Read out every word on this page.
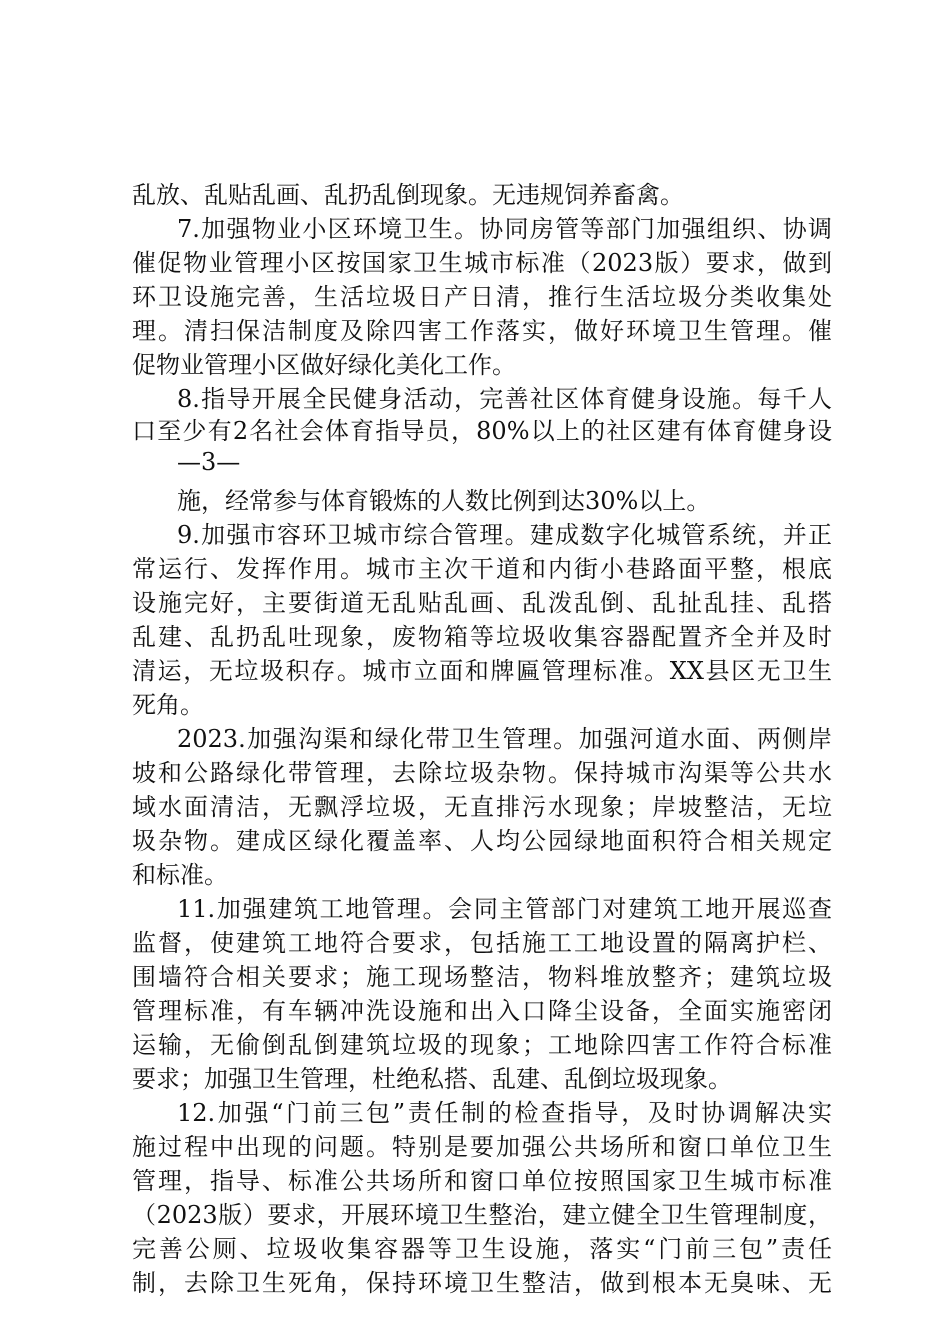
乱放、乱贴乱画、乱扔乱倒现象。无违规饲养畜禽。
7.加强物业小区环境卫生。协同房管等部门加强组织、协调
催促物业管理小区按国家卫生城市标准（2023版）要求，做到
环卫设施完善，生活垃圾日产日清，推行生活垃圾分类收集处
理。清扫保洁制度及除四害工作落实，做好环境卫生管理。催
促物业管理小区做好绿化美化工作。
8.指导开展全民健身活动，完善社区体育健身设施。每千人
口至少有2名社会体育指导员，80%以上的社区建有体育健身设
—3—
施，经常参与体育锻炼的人数比例到达30%以上。
9.加强市容环卫城市综合管理。建成数字化城管系统，并正
常运行、发挥作用。城市主次干道和内街小巷路面平整，根底
设施完好，主要街道无乱贴乱画、乱泼乱倒、乱扯乱挂、乱搭
乱建、乱扔乱吐现象，废物箱等垃圾收集容器配置齐全并及时
清运，无垃圾积存。城市立面和牌匾管理标准。XX县区无卫生
死角。
2023.加强沟渠和绿化带卫生管理。加强河道水面、两侧岸
坡和公路绿化带管理，去除垃圾杂物。保持城市沟渠等公共水
域水面清洁，无飘浮垃圾，无直排污水现象；岸坡整洁，无垃
圾杂物。建成区绿化覆盖率、人均公园绿地面积符合相关规定
和标准。
11.加强建筑工地管理。会同主管部门对建筑工地开展巡查
监督，使建筑工地符合要求，包括施工工地设置的隔离护栏、
围墙符合相关要求；施工现场整洁，物料堆放整齐；建筑垃圾
管理标准，有车辆冲洗设施和出入口降尘设备，全面实施密闭
运输，无偷倒乱倒建筑垃圾的现象；工地除四害工作符合标准
要求；加强卫生管理，杜绝私搭、乱建、乱倒垃圾现象。
12.加强“门前三包”责任制的检查指导，及时协调解决实
施过程中出现的问题。特别是要加强公共场所和窗口单位卫生
管理，指导、标准公共场所和窗口单位按照国家卫生城市标准
（2023版）要求，开展环境卫生整治，建立健全卫生管理制度，
完善公厕、垃圾收集容器等卫生设施，落实“门前三包”责任
制，去除卫生死角，保持环境卫生整洁，做到根本无臭味、无
